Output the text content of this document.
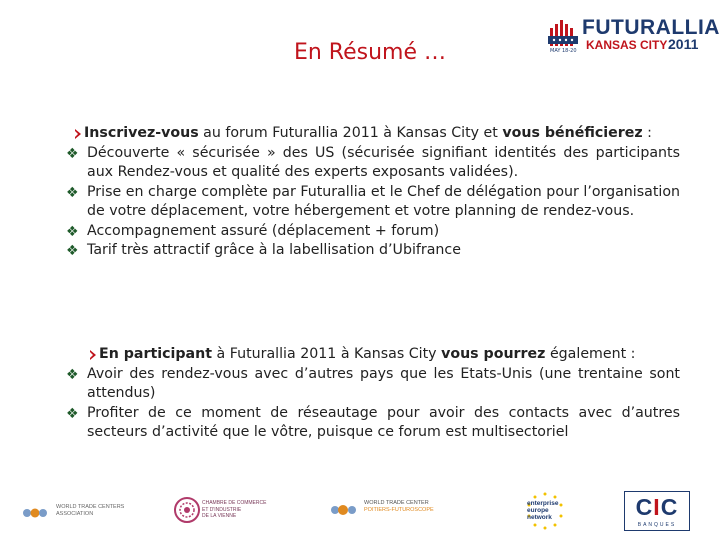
En Résumé …
FUTURALLIA
KANSAS CITY 2011
MAY 18-20
Inscrivez-vous au forum Futurallia 2011 à Kansas City et vous bénéficierez :
❖ Découverte « sécurisée » des US (sécurisée signifiant identités des participants aux Rendez-vous et qualité des experts exposants validées).
❖ Prise en charge complète par Futurallia et le Chef de délégation pour l’organisation de votre déplacement, votre hébergement et votre planning de rendez-vous.
❖ Accompagnement assuré (déplacement + forum)
❖ Tarif très attractif grâce à la labellisation d’Ubifrance
En participant à Futurallia 2011 à Kansas City vous pourrez également :
❖ Avoir des rendez-vous avec d’autres pays que les Etats-Unis (une trentaine sont attendus)
❖ Profiter de ce moment de réseautage pour avoir des contacts avec d’autres secteurs d’activité que le vôtre, puisque ce forum est multisectoriel
WORLD TRADE CENTERS
ASSOCIATION
CHAMBRE DE COMMERCE
ET D'INDUSTRIE
DE LA VIENNE
WORLD TRADE CENTER
POITIERS-FUTUROSCOPE
enterprise
europe
network	CIC
BANQUES
